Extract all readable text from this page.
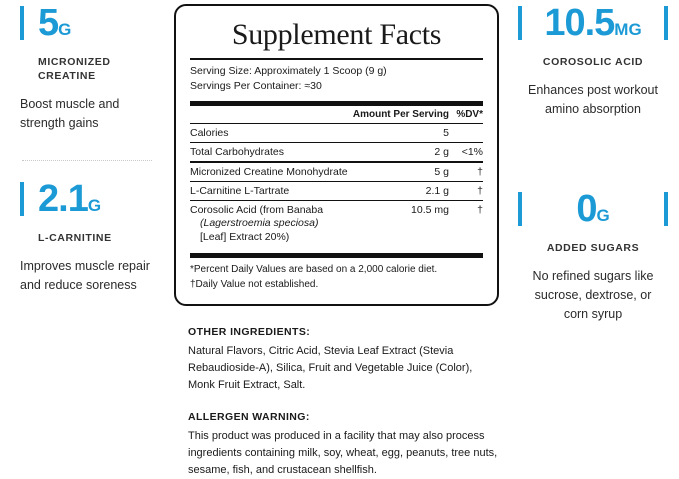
5G
MICRONIZED CREATINE
Boost muscle and strength gains
2.1G
L-CARNITINE
Improves muscle repair and reduce soreness
10.5MG
COROSOLIC ACID
Enhances post workout amino absorption
0G
ADDED SUGARS
No refined sugars like sucrose, dextrose, or corn syrup
Supplement Facts
Serving Size: Approximately 1 Scoop (9 g)
Servings Per Container: ≈30
	Amount Per Serving	%DV*
Calories	5	
Total Carbohydrates	2 g	<1%
Micronized Creatine Monohydrate	5 g	†
L-Carnitine L-Tartrate	2.1 g	†

Corosolic Acid (from Banaba
(Lagerstroemia speciosa)
[Leaf] Extract 20%)	10.5 mg	†
*Percent Daily Values are based on a 2,000 calorie diet.
†Daily Value not established.
OTHER INGREDIENTS:

Natural Flavors, Citric Acid, Stevia Leaf Extract (Stevia Rebaudioside-A), Silica, Fruit and Vegetable Juice (Color), Monk Fruit Extract, Salt.

ALLERGEN WARNING:

This product was produced in a facility that may also process ingredients containing milk, soy, wheat, egg, peanuts, tree nuts, sesame, fish, and crustacean shellfish.
